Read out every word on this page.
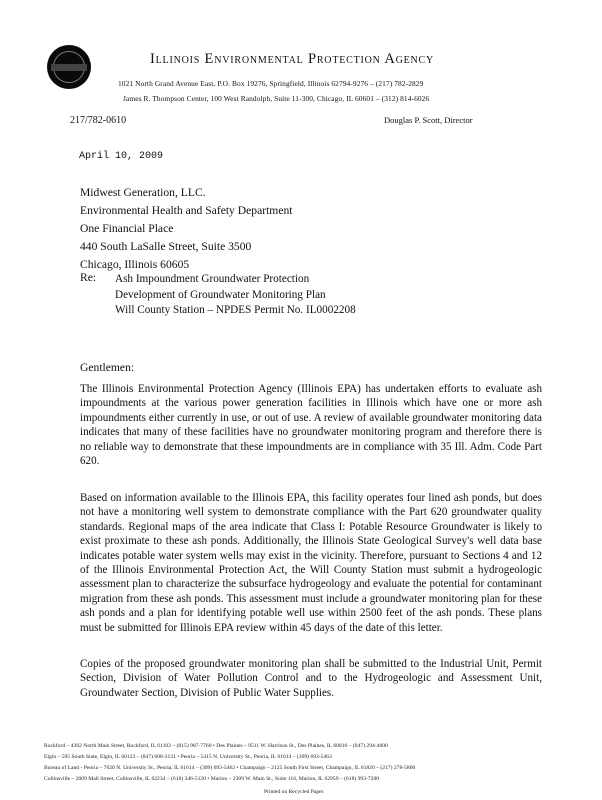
Illinois Environmental Protection Agency
1021 North Grand Avenue East, P.O. Box 19276, Springfield, Illinois 62794-9276 – (217) 782-2829
James R. Thompson Center, 100 West Randolph, Suite 11-300, Chicago, IL 60601 – (312) 814-6026
217/782-0610	Douglas P. Scott, Director
April 10, 2009
Midwest Generation, LLC.
Environmental Health and Safety Department
One Financial Place
440 South LaSalle Street, Suite 3500
Chicago, Illinois 60605
Re: Ash Impoundment Groundwater Protection
Development of Groundwater Monitoring Plan
Will County Station – NPDES Permit No. IL0002208
Gentlemen:
The Illinois Environmental Protection Agency (Illinois EPA) has undertaken efforts to evaluate ash impoundments at the various power generation facilities in Illinois which have one or more ash impoundments either currently in use, or out of use. A review of available groundwater monitoring data indicates that many of these facilities have no groundwater monitoring program and therefore there is no reliable way to demonstrate that these impoundments are in compliance with 35 Ill. Adm. Code Part 620.
Based on information available to the Illinois EPA, this facility operates four lined ash ponds, but does not have a monitoring well system to demonstrate compliance with the Part 620 groundwater quality standards. Regional maps of the area indicate that Class I: Potable Resource Groundwater is likely to exist proximate to these ash ponds. Additionally, the Illinois State Geological Survey's well data base indicates potable water system wells may exist in the vicinity. Therefore, pursuant to Sections 4 and 12 of the Illinois Environmental Protection Act, the Will County Station must submit a hydrogeologic assessment plan to characterize the subsurface hydrogeology and evaluate the potential for contaminant migration from these ash ponds. This assessment must include a groundwater monitoring plan for these ash ponds and a plan for identifying potable well use within 2500 feet of the ash ponds. These plans must be submitted for Illinois EPA review within 45 days of the date of this letter.
Copies of the proposed groundwater monitoring plan shall be submitted to the Industrial Unit, Permit Section, Division of Water Pollution Control and to the Hydrogeologic and Assessment Unit, Groundwater Section, Division of Public Water Supplies.
Rockford – 4302 North Main Street, Rockford, IL 61103 – (815) 987-7760 • Des Plaines – 9511 W. Harrison St., Des Plaines, IL 60016 – (847) 294-4000
Elgin – 595 South State, Elgin, IL 60123 – (847) 608-3131 • Peoria – 5415 N. University St., Peoria, IL 61614 – (309) 693-5463
Bureau of Land - Peoria – 7620 N. University St., Peoria, IL 61614 – (309) 693-5462 • Champaign – 2125 South First Street, Champaign, IL 61820 – (217) 278-5800
Collinsville – 2009 Mall Street, Collinsville, IL 62234 – (618) 346-5120 • Marion – 2309 W. Main St., Suite 116, Marion, IL 62959 – (618) 993-7200
Printed on Recycled Paper
